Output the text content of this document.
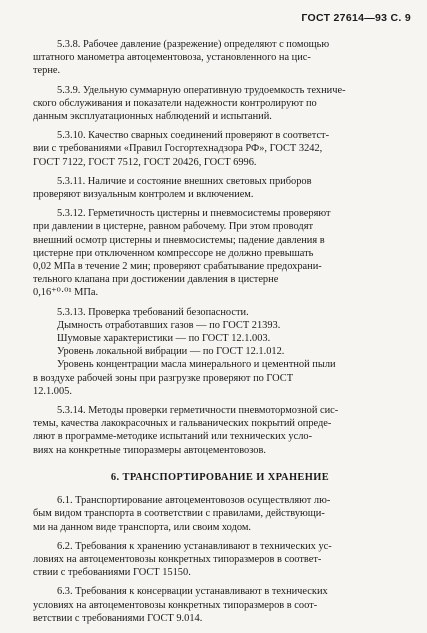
ГОСТ 27614—93 С. 9
5.3.8. Рабочее давление (разрежение) определяют с помощью
штатного манометра автоцементовоза, установленного на цис-
терне.
5.3.9. Удельную суммарную оперативную трудоемкость техниче-
ского обслуживания и показатели надежности контролируют по
данным эксплуатационных наблюдений и испытаний.
5.3.10. Качество сварных соединений проверяют в соответст-
вии с требованиями «Правил Госгортехнадзора РФ», ГОСТ 3242,
ГОСТ 7122, ГОСТ 7512, ГОСТ 20426, ГОСТ 6996.
5.3.11. Наличие и состояние внешних световых приборов
проверяют визуальным контролем и включением.
5.3.12. Герметичность цистерны и пневмосистемы проверяют
при давлении в цистерне, равном рабочему. При этом проводят
внешний осмотр цистерны и пневмосистемы; падение давления в
цистерне при отключенном компрессоре не должно превышать
0,02 МПа в течение 2 мин; проверяют срабатывание предохрани-
тельного клапана при достижении давления в цистерне
0,16⁺⁰·⁰¹ МПа.
5.3.13. Проверка требований безопасности.
Дымность отработавших газов — по ГОСТ 21393.
Шумовые характеристики — по ГОСТ 12.1.003.
Уровень локальной вибрации — по ГОСТ 12.1.012.
Уровень концентрации масла минерального и цементной пыли
в воздухе рабочей зоны при разгрузке проверяют по ГОСТ
12.1.005.
5.3.14. Методы проверки герметичности пневмотормозной сис-
темы, качества лакокрасочных и гальванических покрытий опреде-
ляют в программе-методике испытаний или технических усло-
виях на конкретные типоразмеры автоцементовозов.
6. ТРАНСПОРТИРОВАНИЕ И ХРАНЕНИЕ
6.1. Транспортирование автоцементовозов осуществляют лю-
бым видом транспорта в соответствии с правилами, действующи-
ми на данном виде транспорта, или своим ходом.
6.2. Требования к хранению устанавливают в технических ус-
ловиях на автоцементовозы конкретных типоразмеров в соответ-
ствии с требованиями ГОСТ 15150.
6.3. Требования к консервации устанавливают в технических
условиях на автоцементовозы конкретных типоразмеров в соот-
ветствии с требованиями ГОСТ 9.014.
